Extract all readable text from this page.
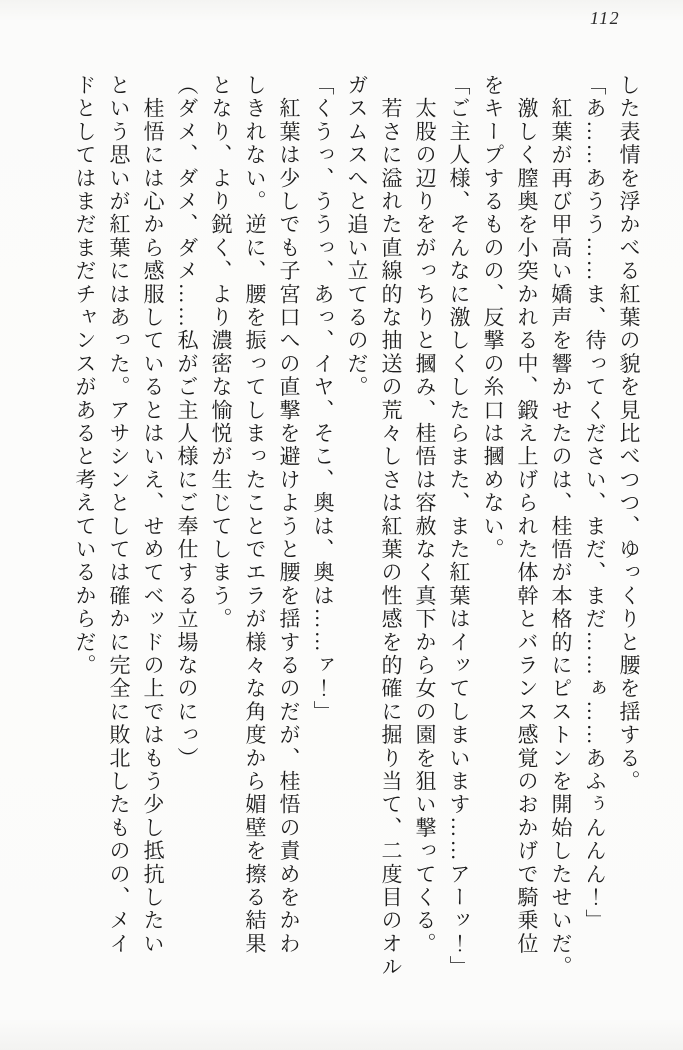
112
した表情を浮かべる紅葉の貌を見比べつつ、ゆっくりと腰を揺する。
「あ……あうう……ま、待ってください、まだ、まだ……ぁ……あふぅんんん！」
　紅葉が再び甲高い嬌声を響かせたのは、桂悟が本格的にピストンを開始したせいだ。
　激しく膣奥を小突かれる中、鍛え上げられた体幹とバランス感覚のおかげで騎乗位
をキープするものの、反撃の糸口は摑めない。
「ご主人様、そんなに激しくしたらまた、また紅葉はイッてしまいます……アーッ！」
　太股の辺りをがっちりと摑み、桂悟は容赦なく真下から女の園を狙い撃ってくる。
　若さに溢れた直線的な抽送の荒々しさは紅葉の性感を的確に掘り当て、二度目のオル
ガスムスへと追い立てるのだ。
「くうっ、ううっ、あっ、イヤ、そこ、奥は、奥は……ァ！」
　紅葉は少しでも子宮口への直撃を避けようと腰を揺するのだが、桂悟の責めをかわ
しきれない。逆に、腰を振ってしまったことでエラが様々な角度から媚壁を擦る結果
となり、より鋭く、より濃密な愉悦が生じてしまう。
（ダメ、ダメ、ダメ……私がご主人様にご奉仕する立場なのにっ）
　桂悟には心から感服しているとはいえ、せめてベッドの上ではもう少し抵抗したい
という思いが紅葉にはあった。アサシンとしては確かに完全に敗北したものの、メイ
ドとしてはまだまだチャンスがあると考えているからだ。
